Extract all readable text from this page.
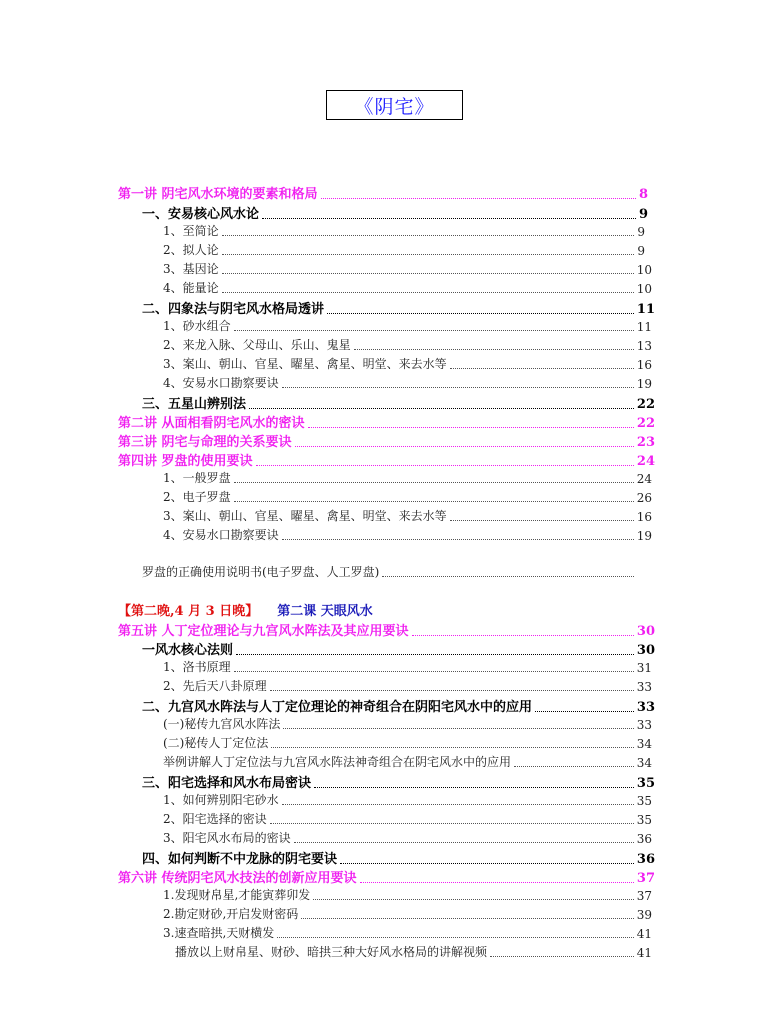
《阴宅》
第一讲 阴宅风水环境的要素和格局	8
一、安易核心风水论	9
1、至简论	9
2、拟人论	9
3、基因论	10
4、能量论	10
二、四象法与阴宅风水格局透讲	11
1、砂水组合	11
2、来龙入脉、父母山、乐山、鬼星	13
3、案山、朝山、官星、曜星、禽星、明堂、来去水等	16
4、安易水口勘察要诀	19
三、五星山辨别法	22
第二讲 从面相看阴宅风水的密诀	22
第三讲 阴宅与命理的关系要诀	23
第四讲 罗盘的使用要诀	24
1、一般罗盘	24
2、电子罗盘	26
3、案山、朝山、官星、曜星、禽星、明堂、来去水等	16
4、安易水口勘察要诀	19
罗盘的正确使用说明书(电子罗盘、人工罗盘)
【第二晚,4 月 3 日晚】 第二课 天眼风水
第五讲 人丁定位理论与九宫风水阵法及其应用要诀	30
一风水核心法则	30
1、洛书原理	31
2、先后天八卦原理	33
二、九宫风水阵法与人丁定位理论的神奇组合在阴阳宅风水中的应用	33
(一)秘传九宫风水阵法	33
(二)秘传人丁定位法	34
举例讲解人丁定位法与九宫风水阵法神奇组合在阴宅风水中的应用	34
三、阳宅选择和风水布局密诀	35
1、如何辨别阳宅砂水	35
2、阳宅选择的密诀	35
3、阳宅风水布局的密诀	36
四、如何判断不中龙脉的阴宅要诀	36
第六讲 传统阴宅风水技法的创新应用要诀	37
1.发现财帛星,才能寅葬卯发	37
2.勘定财砂,开启发财密码	39
3.速查暗拱,天财横发	41
播放以上财帛星、财砂、暗拱三种大好风水格局的讲解视频	41
